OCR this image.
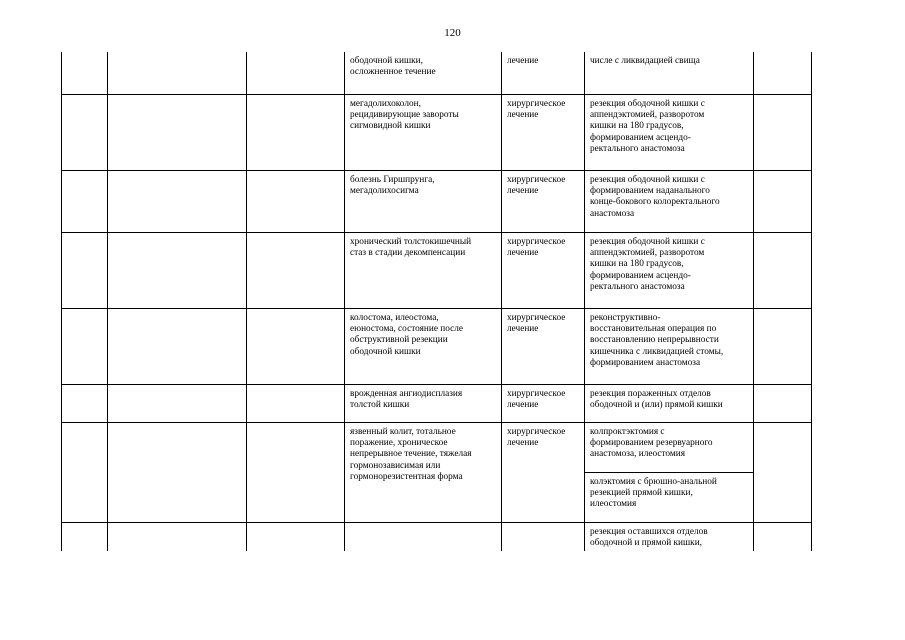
120
			ободочной кишки,
осложненное течение	лечение	числе с ликвидацией свища	
			мегадолихоколон,
рецидивирующие завороты
сигмовидной кишки	хирургическое
лечение	резекция ободочной кишки с
аппендэктомией, разворотом
кишки на 180 градусов,
формированием асцендо-
ректального анастомоза	
			болезнь Гиршпрунга,
мегадолихосигма	хирургическое
лечение	резекция ободочной кишки с
формированием наданального
конце-бокового колоректального
анастомоза	
			хронический толстокишечный
стаз в стадии декомпенсации	хирургическое
лечение	резекция ободочной кишки с
аппендэктомией, разворотом
кишки на 180 градусов,
формированием асцендо-
ректального анастомоза	
			колостома, илеостома,
еюностома, состояние после
обструктивной резекции
ободочной кишки	хирургическое
лечение	реконструктивно-
восстановительная операция по
восстановлению непрерывности
кишечника с ликвидацией стомы,
формированием анастомоза	
			врожденная ангиодисплазия
толстой кишки	хирургическое
лечение	резекция пораженных отделов
ободочной и (или) прямой кишки	
			язвенный колит, тотальное
поражение, хроническое
непрерывное течение, тяжелая
гормонозависимая или
гормонорезистентная форма	хирургическое
лечение	колпроктэктомия с
формированием резервуарного
анастомоза, илеостомия	
					колэктомия с брюшно-анальной
резекцией прямой кишки,
илеостомия	
					резекция оставшихся отделов
ободочной и прямой кишки,	
